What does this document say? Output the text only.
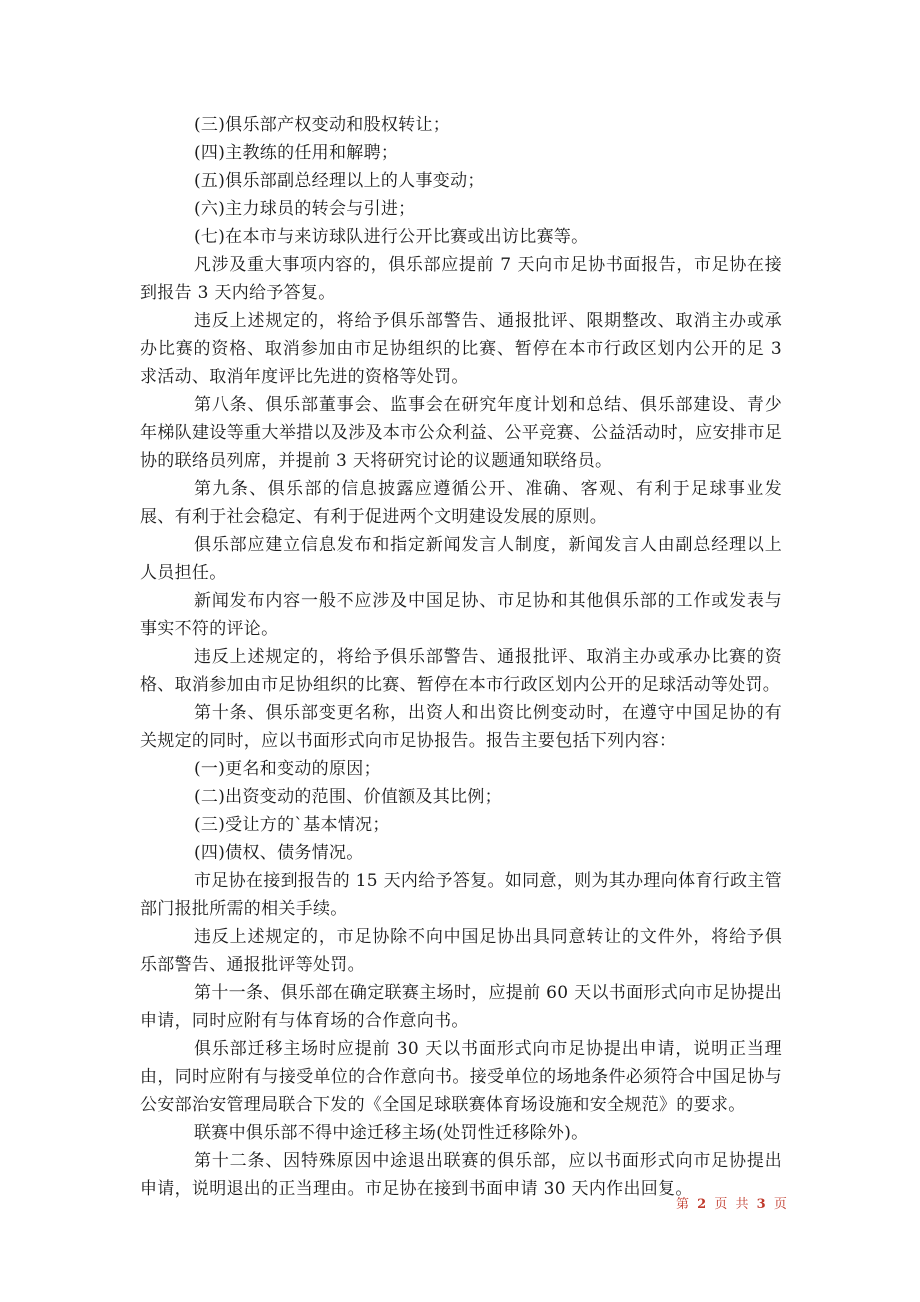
(三)俱乐部产权变动和股权转让；

(四)主教练的任用和解聘；

(五)俱乐部副总经理以上的人事变动；

(六)主力球员的转会与引进；

(七)在本市与来访球队进行公开比赛或出访比赛等。

凡涉及重大事项内容的，俱乐部应提前 7 天向市足协书面报告，市足协在接到报告 3 天内给予答复。

违反上述规定的，将给予俱乐部警告、通报批评、限期整改、取消主办或承办比赛的资格、取消参加由市足协组织的比赛、暂停在本市行政区划内公开的足 3 求活动、取消年度评比先进的资格等处罚。

第八条、俱乐部董事会、监事会在研究年度计划和总结、俱乐部建设、青少年梯队建设等重大举措以及涉及本市公众利益、公平竞赛、公益活动时，应安排市足协的联络员列席，并提前 3 天将研究讨论的议题通知联络员。

第九条、俱乐部的信息披露应遵循公开、准确、客观、有利于足球事业发展、有利于社会稳定、有利于促进两个文明建设发展的原则。

俱乐部应建立信息发布和指定新闻发言人制度，新闻发言人由副总经理以上人员担任。

新闻发布内容一般不应涉及中国足协、市足协和其他俱乐部的工作或发表与事实不符的评论。

违反上述规定的，将给予俱乐部警告、通报批评、取消主办或承办比赛的资格、取消参加由市足协组织的比赛、暂停在本市行政区划内公开的足球活动等处罚。

第十条、俱乐部变更名称，出资人和出资比例变动时，在遵守中国足协的有关规定的同时，应以书面形式向市足协报告。报告主要包括下列内容：

(一)更名和变动的原因；

(二)出资变动的范围、价值额及其比例；

(三)受让方的`基本情况；

(四)债权、债务情况。

市足协在接到报告的 15 天内给予答复。如同意，则为其办理向体育行政主管部门报批所需的相关手续。

违反上述规定的，市足协除不向中国足协出具同意转让的文件外，将给予俱乐部警告、通报批评等处罚。

第十一条、俱乐部在确定联赛主场时，应提前 60 天以书面形式向市足协提出申请，同时应附有与体育场的合作意向书。

俱乐部迁移主场时应提前 30 天以书面形式向市足协提出申请，说明正当理由，同时应附有与接受单位的合作意向书。接受单位的场地条件必须符合中国足协与公安部治安管理局联合下发的《全国足球联赛体育场设施和安全规范》的要求。

联赛中俱乐部不得中途迁移主场(处罚性迁移除外)。

第十二条、因特殊原因中途退出联赛的俱乐部，应以书面形式向市足协提出申请，说明退出的正当理由。市足协在接到书面申请 30 天内作出回复。

第 2 页 共 3 页
